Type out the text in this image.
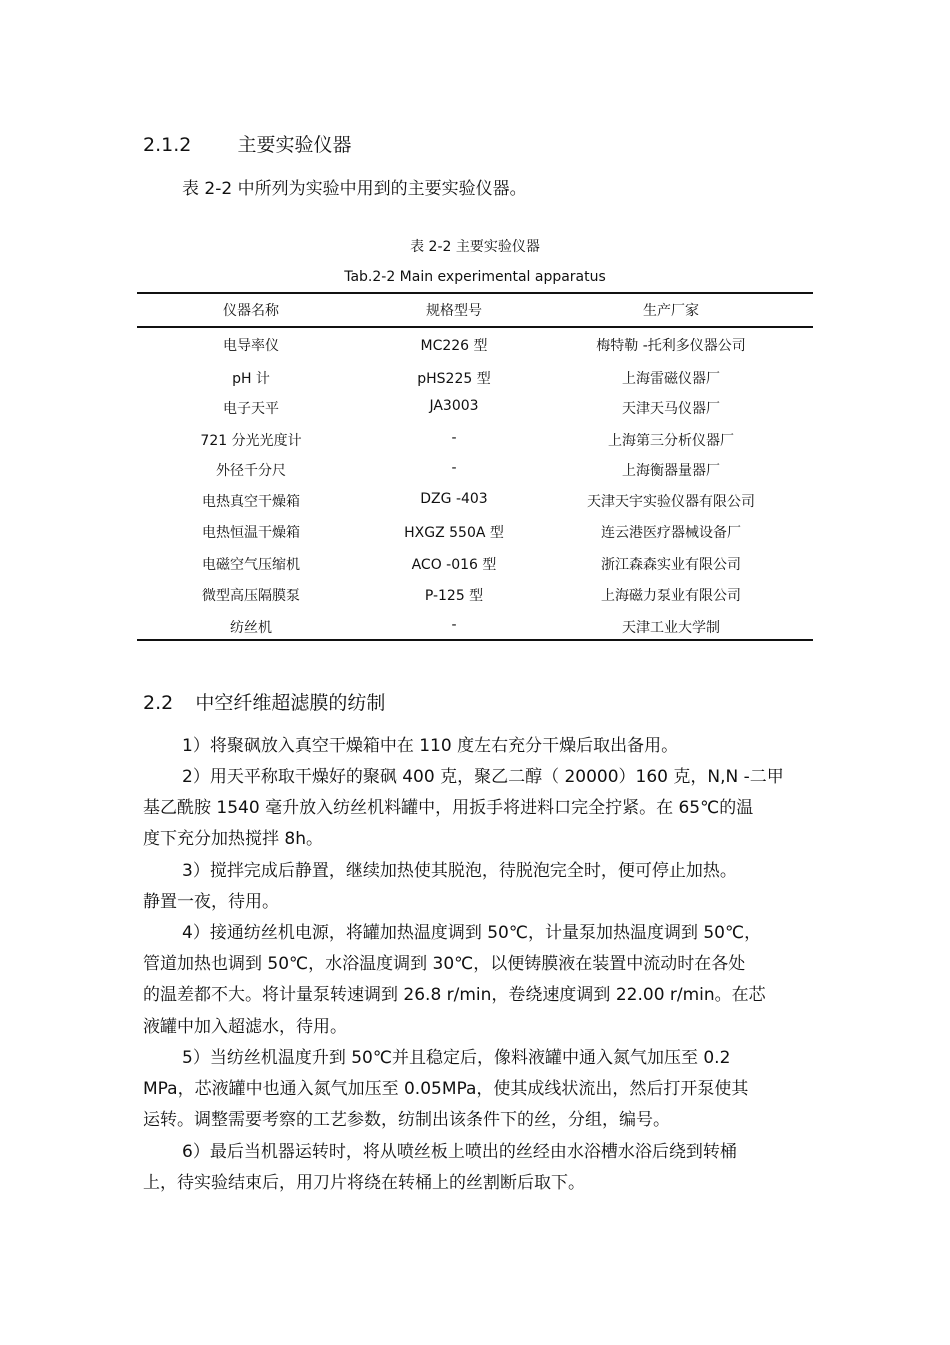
2.1.2 主要实验仪器
表 2-2 中所列为实验中用到的主要实验仪器。
表 2-2 主要实验仪器
Tab.2-2 Main experimental apparatus
仪器名称	规格型号	生产厂家
电导率仪	MC226 型	梅特勒 -托利多仪器公司
pH 计	pHS225 型	上海雷磁仪器厂
电子天平	JA3003	天津天马仪器厂
721 分光光度计	-	上海第三分析仪器厂
外径千分尺	-	上海衡器量器厂
电热真空干燥箱	DZG -403	天津天宇实验仪器有限公司
电热恒温干燥箱	HXGZ 550A 型	连云港医疗器械设备厂
电磁空气压缩机	ACO -016 型	浙江森森实业有限公司
微型高压隔膜泵	P-125 型	上海磁力泵业有限公司
纺丝机	-	天津工业大学制
2.2 中空纤维超滤膜的纺制
1）将聚砜放入真空干燥箱中在 110 度左右充分干燥后取出备用。
2）用天平称取干燥好的聚砜 400 克，聚乙二醇（ 20000）160 克，N,N -二甲
基乙酰胺 1540 毫升放入纺丝机料罐中，用扳手将进料口完全拧紧。在 65℃的温
度下充分加热搅拌 8h。
3）搅拌完成后静置，继续加热使其脱泡，待脱泡完全时，便可停止加热。
静置一夜，待用。
4）接通纺丝机电源，将罐加热温度调到 50℃，计量泵加热温度调到 50℃，
管道加热也调到 50℃，水浴温度调到 30℃，以便铸膜液在装置中流动时在各处
的温差都不大。将计量泵转速调到 26.8 r/min，卷绕速度调到 22.00 r/min。在芯
液罐中加入超滤水，待用。
5）当纺丝机温度升到 50℃并且稳定后，像料液罐中通入氮气加压至 0.2
MPa，芯液罐中也通入氮气加压至 0.05MPa，使其成线状流出，然后打开泵使其
运转。调整需要考察的工艺参数，纺制出该条件下的丝，分组，编号。
6）最后当机器运转时，将从喷丝板上喷出的丝经由水浴槽水浴后绕到转桶
上，待实验结束后，用刀片将绕在转桶上的丝割断后取下。
